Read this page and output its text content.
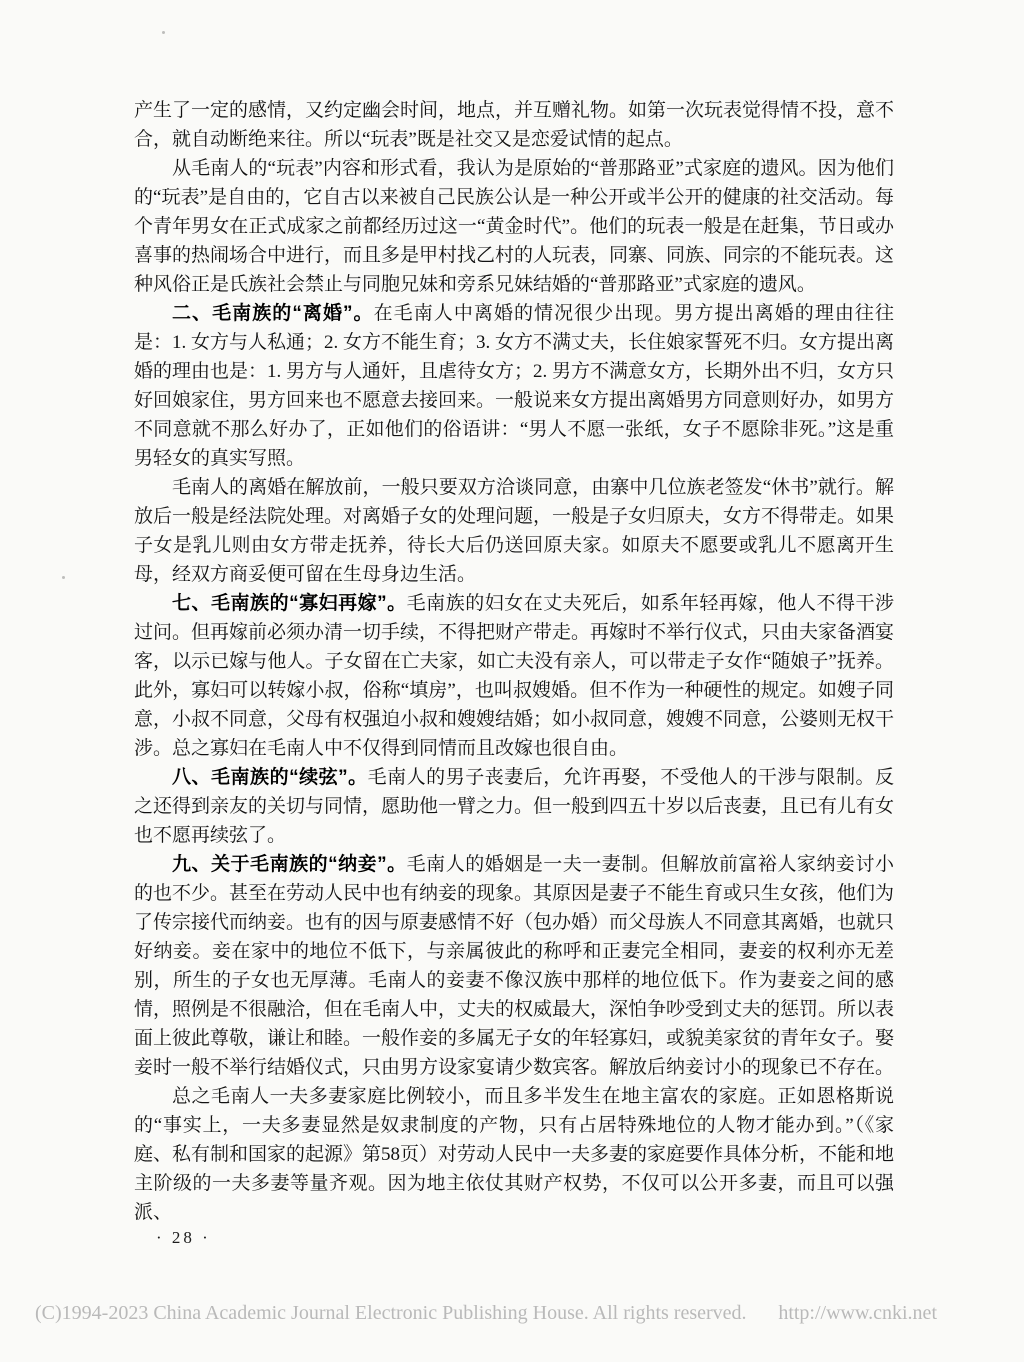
产生了一定的感情，又约定幽会时间，地点，并互赠礼物。如第一次玩表觉得情不投，意不合，就自动断绝来往。所以“玩表”既是社交又是恋爱试情的起点。

从毛南人的“玩表”内容和形式看，我认为是原始的“普那路亚”式家庭的遗风。因为他们的“玩表”是自由的，它自古以来被自己民族公认是一种公开或半公开的健康的社交活动。每个青年男女在正式成家之前都经历过这一“黄金时代”。他们的玩表一般是在赶集，节日或办喜事的热闹场合中进行，而且多是甲村找乙村的人玩表，同寨、同族、同宗的不能玩表。这种风俗正是氏族社会禁止与同胞兄妹和旁系兄妹结婚的“普那路亚”式家庭的遗风。

二、毛南族的“离婚”。在毛南人中离婚的情况很少出现。男方提出离婚的理由往往是：1. 女方与人私通；2. 女方不能生育；3. 女方不满丈夫，长住娘家誓死不归。女方提出离婚的理由也是：1. 男方与人通奸，且虐待女方；2. 男方不满意女方，长期外出不归，女方只好回娘家住，男方回来也不愿意去接回来。一般说来女方提出离婚男方同意则好办，如男方不同意就不那么好办了，正如他们的俗语讲：“男人不愿一张纸，女子不愿除非死。”这是重男轻女的真实写照。

毛南人的离婚在解放前，一般只要双方洽谈同意，由寨中几位族老签发“休书”就行。解放后一般是经法院处理。对离婚子女的处理问题，一般是子女归原夫，女方不得带走。如果子女是乳儿则由女方带走抚养，待长大后仍送回原夫家。如原夫不愿要或乳儿不愿离开生母，经双方商妥便可留在生母身边生活。

七、毛南族的“寡妇再嫁”。毛南族的妇女在丈夫死后，如系年轻再嫁，他人不得干涉过问。但再嫁前必须办清一切手续，不得把财产带走。再嫁时不举行仪式，只由夫家备酒宴客，以示已嫁与他人。子女留在亡夫家，如亡夫没有亲人，可以带走子女作“随娘子”抚养。此外，寡妇可以转嫁小叔，俗称“填房”，也叫叔嫂婚。但不作为一种硬性的规定。如嫂子同意，小叔不同意，父母有权强迫小叔和嫂嫂结婚；如小叔同意，嫂嫂不同意，公婆则无权干涉。总之寡妇在毛南人中不仅得到同情而且改嫁也很自由。

八、毛南族的“续弦”。毛南人的男子丧妻后，允许再娶，不受他人的干涉与限制。反之还得到亲友的关切与同情，愿助他一臂之力。但一般到四五十岁以后丧妻，且已有儿有女也不愿再续弦了。

九、关于毛南族的“纳妾”。毛南人的婚姻是一夫一妻制。但解放前富裕人家纳妾讨小的也不少。甚至在劳动人民中也有纳妾的现象。其原因是妻子不能生育或只生女孩，他们为了传宗接代而纳妾。也有的因与原妻感情不好（包办婚）而父母族人不同意其离婚，也就只好纳妾。妾在家中的地位不低下，与亲属彼此的称呼和正妻完全相同，妻妾的权利亦无差别，所生的子女也无厚薄。毛南人的妾妻不像汉族中那样的地位低下。作为妻妾之间的感情，照例是不很融洽，但在毛南人中，丈夫的权威最大，深怕争吵受到丈夫的惩罚。所以表面上彼此尊敬，谦让和睦。一般作妾的多属无子女的年轻寡妇，或貌美家贫的青年女子。娶妾时一般不举行结婚仪式，只由男方设家宴请少数宾客。解放后纳妾讨小的现象已不存在。

总之毛南人一夫多妻家庭比例较小，而且多半发生在地主富农的家庭。正如恩格斯说的“事实上，一夫多妻显然是奴隶制度的产物，只有占居特殊地位的人物才能办到。”（《家庭、私有制和国家的起源》第58页）对劳动人民中一夫多妻的家庭要作具体分析，不能和地主阶级的一夫多妻等量齐观。因为地主依仗其财产权势，不仅可以公开多妻，而且可以强派、

· 28 ·
(C)1994-2023 China Academic Journal Electronic Publishing House. All rights reserved. http://www.cnki.net
